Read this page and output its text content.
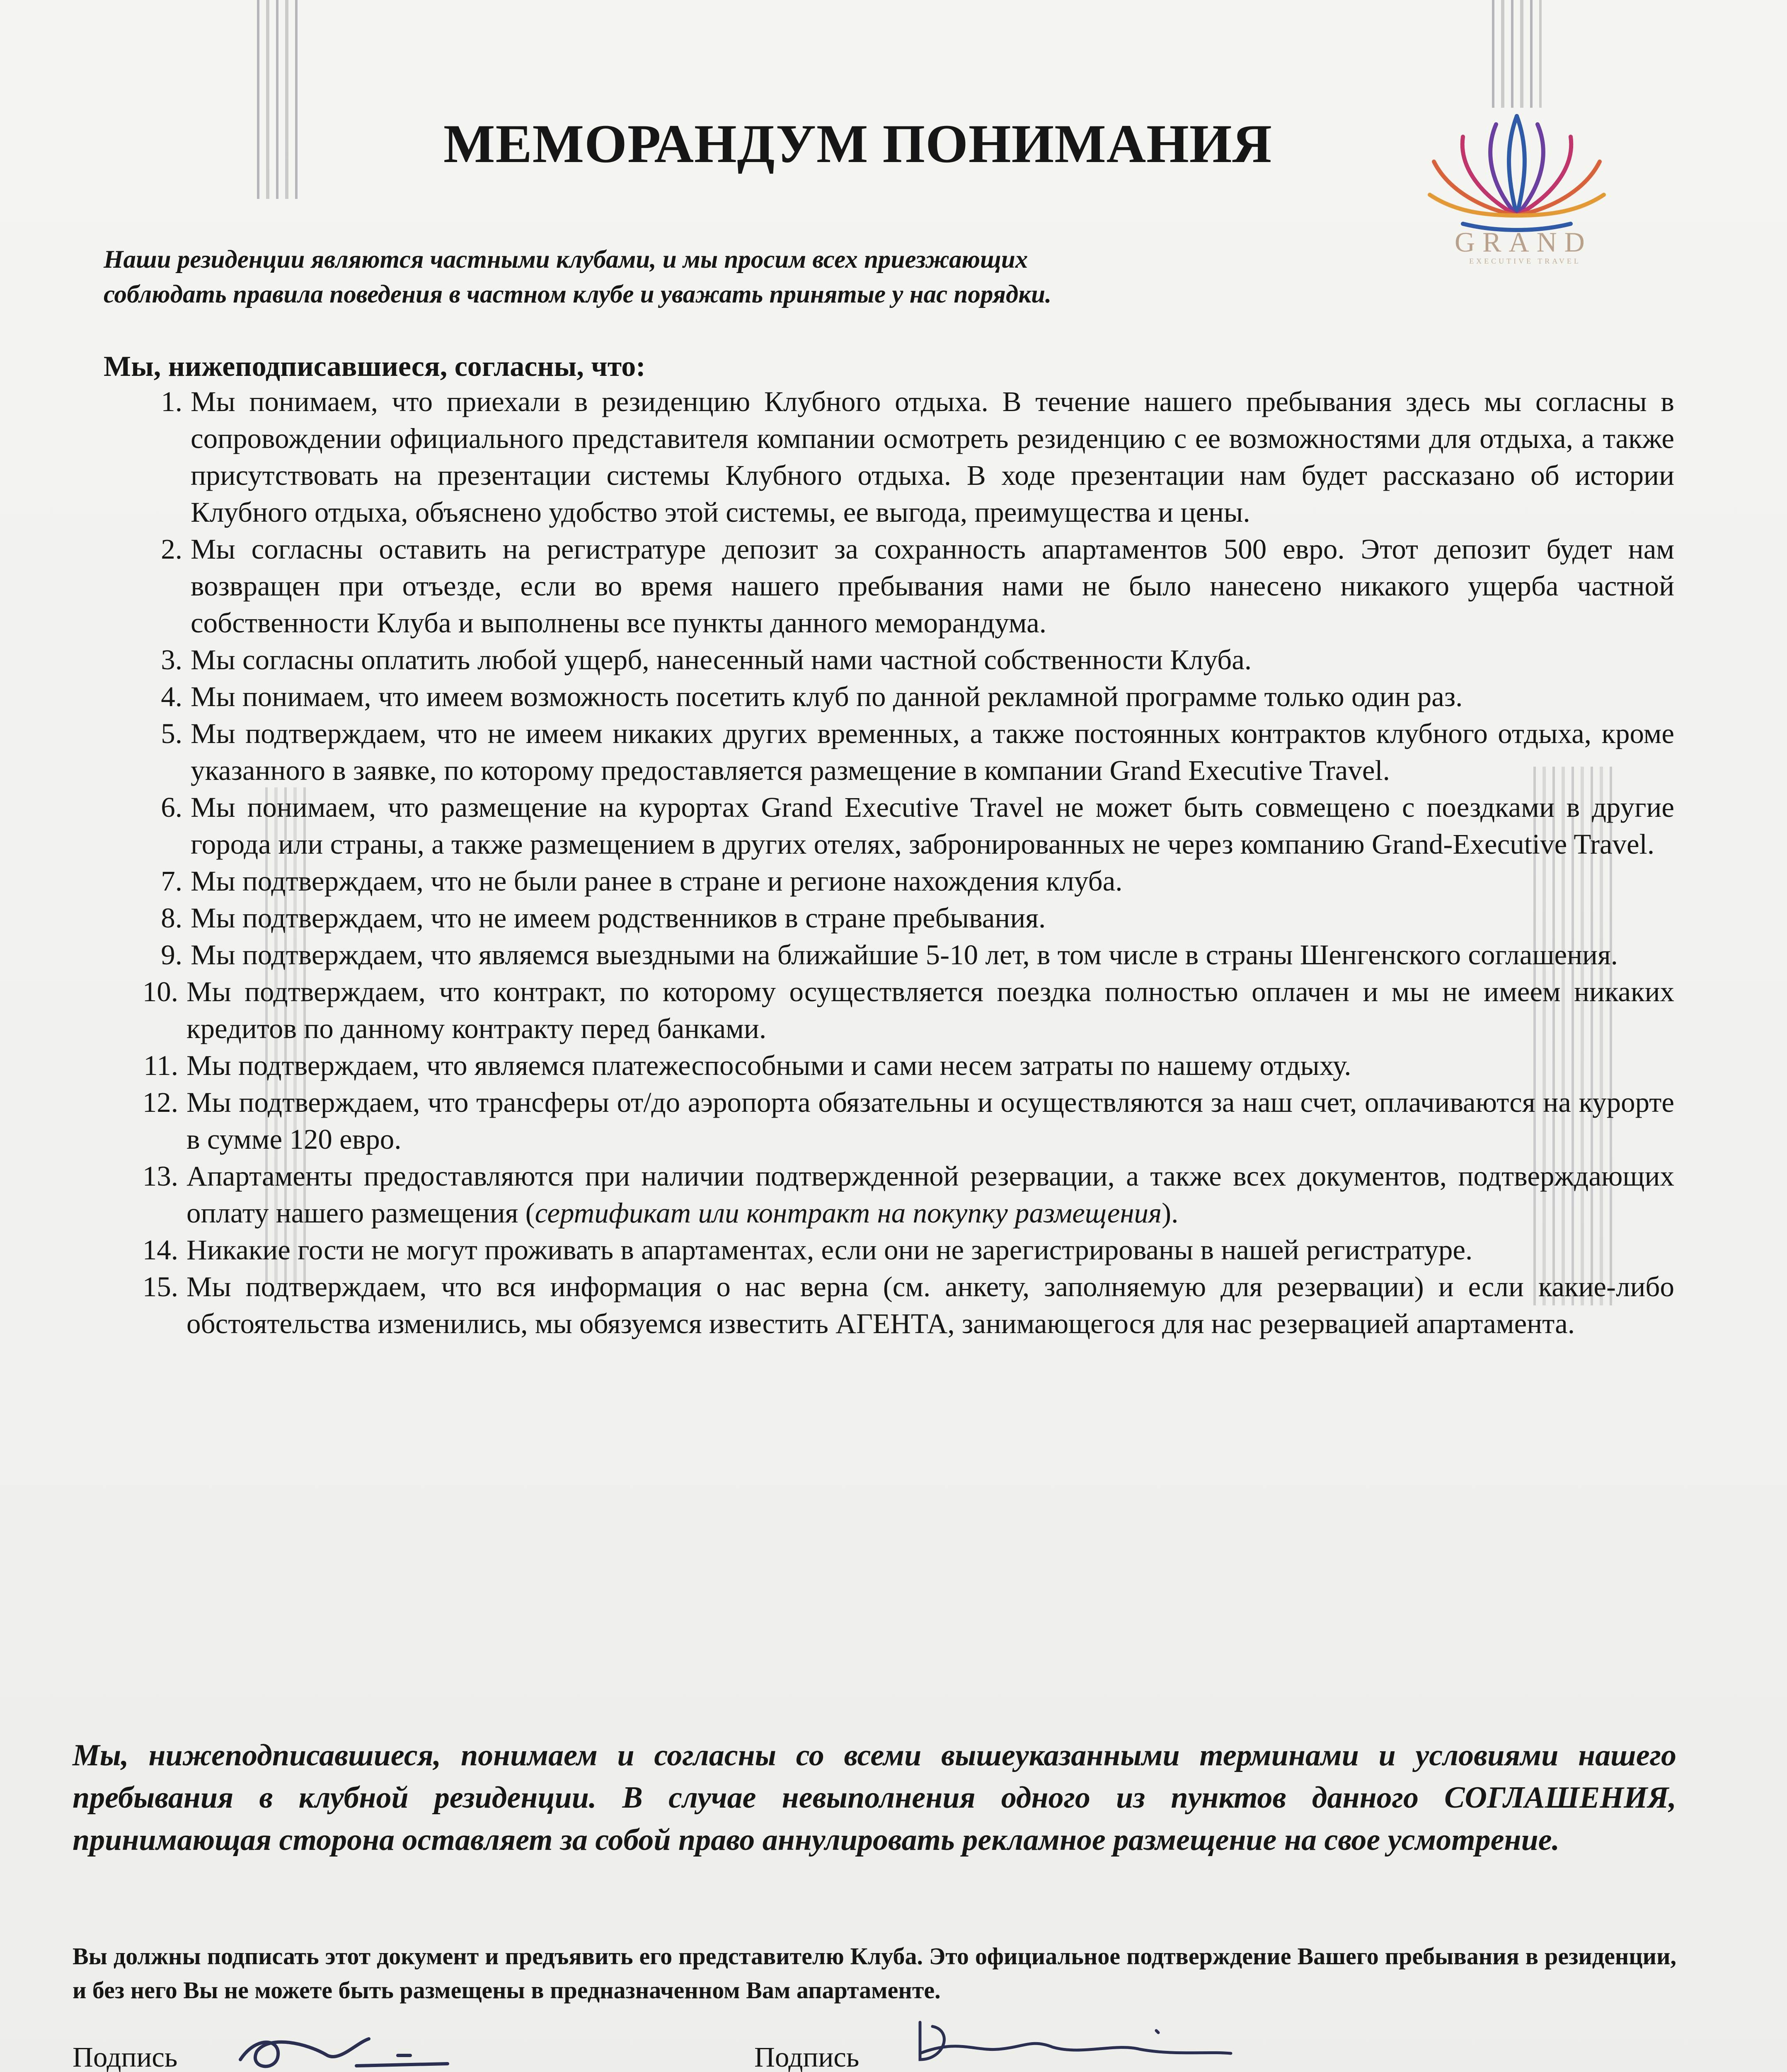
МЕМОРАНДУМ ПОНИМАНИЯ
GRAND
EXECUTIVE TRAVEL
Наши резиденции являются частными клубами, и мы просим всех приезжающих
соблюдать правила поведения в частном клубе и уважать принятые у нас порядки.
Мы, нижеподписавшиеся, согласны, что:
1. Мы понимаем, что приехали в резиденцию Клубного отдыха. В течение нашего пребывания здесь мы согласны в сопровождении официального представителя компании осмотреть резиденцию с ее возможностями для отдыха, а также присутствовать на презентации системы Клубного отдыха. В ходе презентации нам будет рассказано об истории Клубного отдыха, объяснено удобство этой системы, ее выгода, преимущества и цены.
2. Мы согласны оставить на регистратуре депозит за сохранность апартаментов 500 евро. Этот депозит будет нам возвращен при отъезде, если во время нашего пребывания нами не было нанесено никакого ущерба частной собственности Клуба и выполнены все пункты данного меморандума.
3. Мы согласны оплатить любой ущерб, нанесенный нами частной собственности Клуба.
4. Мы понимаем, что имеем возможность посетить клуб по данной рекламной программе только один раз.
5. Мы подтверждаем, что не имеем никаких других временных, а также постоянных контрактов клубного отдыха, кроме указанного в заявке, по которому предоставляется размещение в компании Grand Executive Travel.
6. Мы понимаем, что размещение на курортах Grand Executive Travel не может быть совмещено с поездками в другие города или страны, а также размещением в других отелях, забронированных не через компанию Grand-Executive Travel.
7. Мы подтверждаем, что не были ранее в стране и регионе нахождения клуба.
8. Мы подтверждаем, что не имеем родственников в стране пребывания.
9. Мы подтверждаем, что являемся выездными на ближайшие 5-10 лет, в том числе в страны Шенгенского соглашения.
10. Мы подтверждаем, что контракт, по которому осуществляется поездка полностью оплачен и мы не имеем никаких кредитов по данному контракту перед банками.
11. Мы подтверждаем, что являемся платежеспособными и сами несем затраты по нашему отдыху.
12. Мы подтверждаем, что трансферы от/до аэропорта обязательны и осуществляются за наш счет, оплачиваются на курорте в сумме 120 евро.
13. Апартаменты предоставляются при наличии подтвержденной резервации, а также всех документов, подтверждающих оплату нашего размещения (сертификат или контракт на покупку размещения).
14. Никакие гости не могут проживать в апартаментах, если они не зарегистрированы в нашей регистратуре.
15. Мы подтверждаем, что вся информация о нас верна (см. анкету, заполняемую для резервации) и если какие-либо обстоятельства изменились, мы обязуемся известить АГЕНТА, занимающегося для нас резервацией апартамента.
Мы, нижеподписавшиеся, понимаем и согласны со всеми вышеуказанными терминами и условиями нашего пребывания в клубной резиденции. В случае невыполнения одного из пунктов данного СОГЛАШЕНИЯ, принимающая сторона оставляет за собой право аннулировать рекламное размещение на свое усмотрение.
Вы должны подписать этот документ и предъявить его представителю Клуба. Это официальное подтверждение Вашего пребывания в резиденции, и без него Вы не можете быть размещены в предназначенном Вам апартаменте.
Подпись	Подпись
